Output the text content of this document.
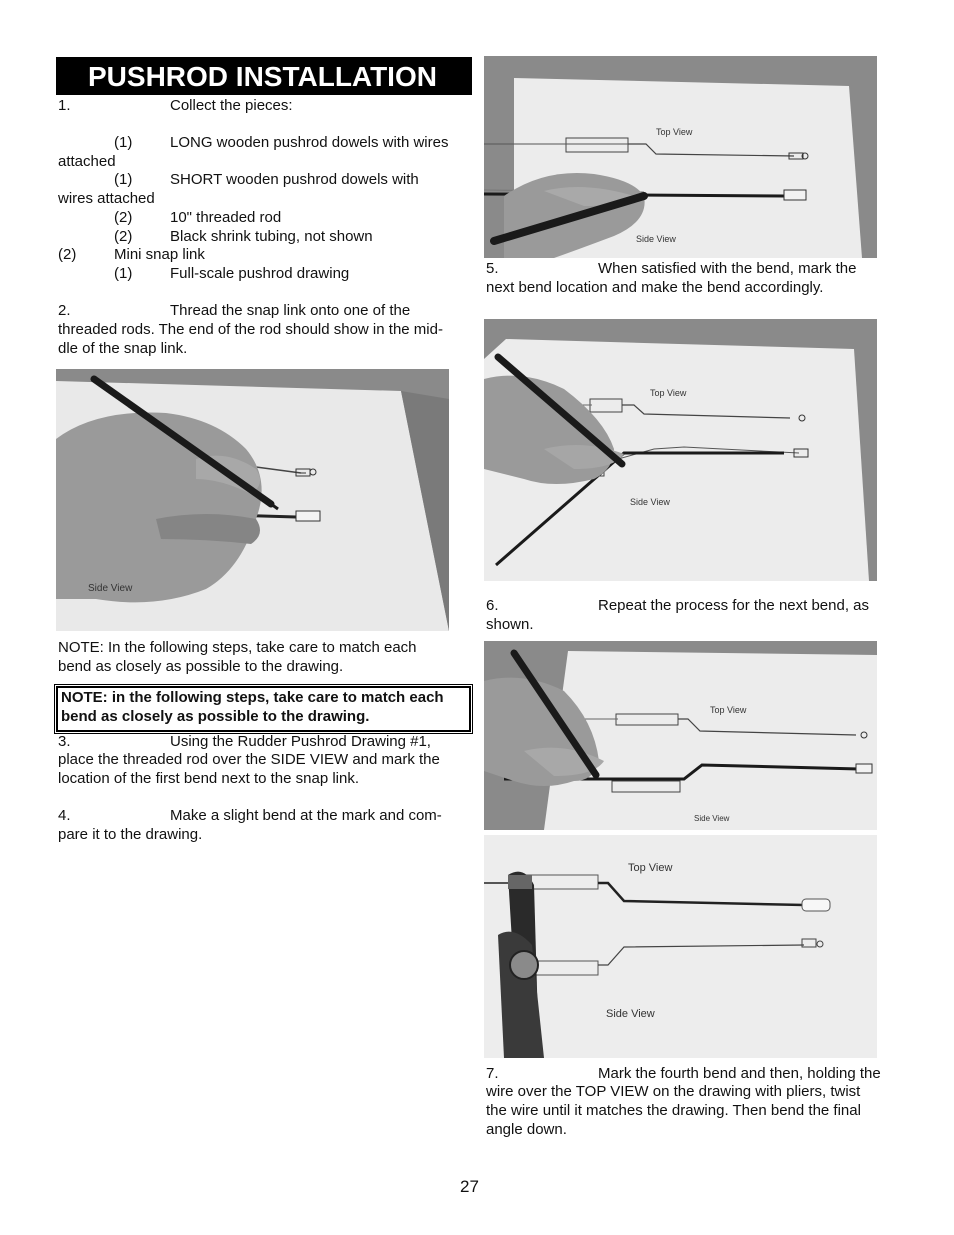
PUSHROD INSTALLATION
1.	Collect the pieces:
(1)	LONG wooden pushrod dowels with wires
attached
(1)	SHORT wooden pushrod dowels with
wires attached
(2)	10" threaded rod
(2)	Black shrink tubing, not shown
(2)	Mini snap link
(1)	Full-scale pushrod drawing
2.	Thread the snap link onto one of the
threaded rods. The end of the rod should show in the mid-
dle of the snap link.
Side View
NOTE: In the following steps, take care to match each
bend as closely as possible to the drawing.
NOTE: in the following steps, take care to match each
bend as closely as possible to the drawing.
3.	Using the Rudder Pushrod Drawing #1,
place the threaded rod over the SIDE VIEW and mark the
location of the first bend next to the snap link.
4.	Make a slight bend at the mark and com-
pare it to the drawing.
Top View
Side View
5.	When satisfied with the bend, mark the
next bend location and make the bend accordingly.
Top View
Side View
6.	Repeat the process for the next bend, as
shown.
Top View
Side View
Top View
Side View
7.	Mark the fourth bend and then, holding the
wire over the TOP VIEW on the drawing with pliers, twist
the wire until it matches the drawing. Then bend the final
angle down.
27
